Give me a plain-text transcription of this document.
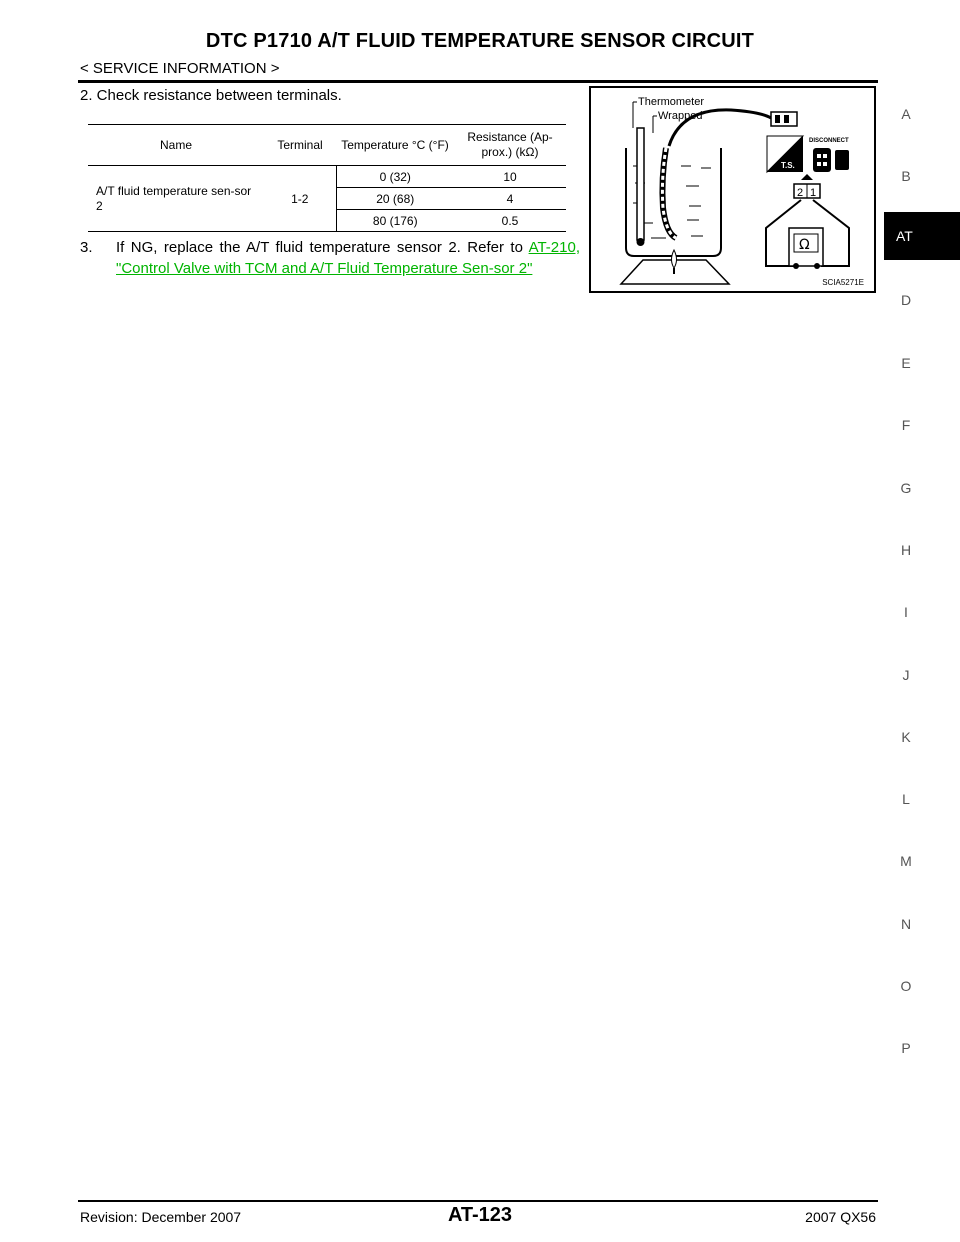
DTC P1710 A/T FLUID TEMPERATURE SENSOR CIRCUIT
< SERVICE INFORMATION >
2. Check resistance between terminals.
Name	Terminal	Temperature °C (°F)	Resistance (Ap-prox.) (kΩ)
A/T fluid temperature sen-sor 2	1-2	0 (32)	10
		20 (68)	4
		80 (176)	0.5
3. If NG, replace the A/T fluid temperature sensor 2. Refer to AT-210, "Control Valve with TCM and A/T Fluid Temperature Sen-sor 2"
T.S.
DISCONNECT
2 1
Ω
Thermometer
Wrapped
SCIA5271E
A
B
AT
D
E
F
G
H
I
J
K
L
M
N
O
P
Revision: December 2007	AT-123	2007 QX56
